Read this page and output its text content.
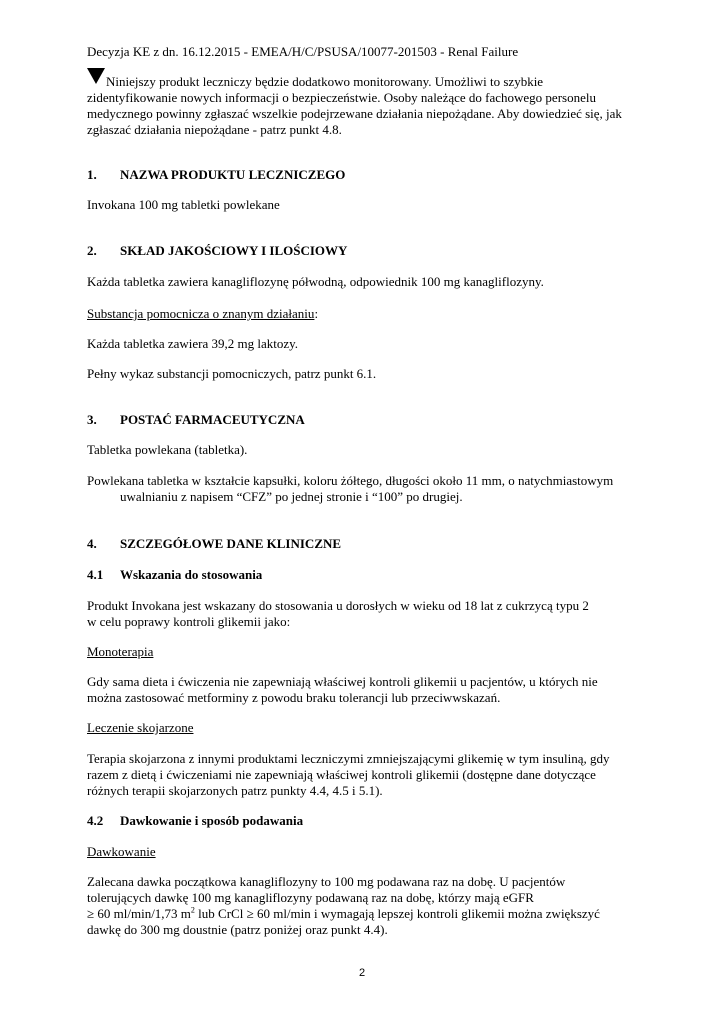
Decyzja KE z dn. 16.12.2015 - EMEA/H/C/PSUSA/10077-201503 - Renal Failure
Niniejszy produkt leczniczy będzie dodatkowo monitorowany. Umożliwi to szybkie
zidentyfikowanie nowych informacji o bezpieczeństwie. Osoby należące do fachowego personelu
medycznego powinny zgłaszać wszelkie podejrzewane działania niepożądane. Aby dowiedzieć się, jak
zgłaszać działania niepożądane - patrz punkt 4.8.
1. NAZWA PRODUKTU LECZNICZEGO
Invokana 100 mg tabletki powlekane
2. SKŁAD JAKOŚCIOWY I ILOŚCIOWY
Każda tabletka zawiera kanagliflozynę półwodną, odpowiednik 100 mg kanagliflozyny.
Substancja pomocnicza o znanym działaniu:
Każda tabletka zawiera 39,2 mg laktozy.
Pełny wykaz substancji pomocniczych, patrz punkt 6.1.
3. POSTAĆ FARMACEUTYCZNA
Tabletka powlekana (tabletka).
Powlekana tabletka w kształcie kapsułki, koloru żółtego, długości około 11 mm, o natychmiastowym
uwalnianiu z napisem “CFZ” po jednej stronie i “100” po drugiej.
4. SZCZEGÓŁOWE DANE KLINICZNE
4.1 Wskazania do stosowania
Produkt Invokana jest wskazany do stosowania u dorosłych w wieku od 18 lat z cukrzycą typu 2
w celu poprawy kontroli glikemii jako:
Monoterapia
Gdy sama dieta i ćwiczenia nie zapewniają właściwej kontroli glikemii u pacjentów, u których nie
można zastosować metforminy z powodu braku tolerancji lub przeciwwskazań.
Leczenie skojarzone
Terapia skojarzona z innymi produktami leczniczymi zmniejszającymi glikemię w tym insuliną, gdy
razem z dietą i ćwiczeniami nie zapewniają właściwej kontroli glikemii (dostępne dane dotyczące
różnych terapii skojarzonych patrz punkty 4.4, 4.5 i 5.1).
4.2 Dawkowanie i sposób podawania
Dawkowanie
Zalecana dawka początkowa kanagliflozyny to 100 mg podawana raz na dobę. U pacjentów
tolerujących dawkę 100 mg kanagliflozyny podawaną raz na dobę, którzy mają eGFR
≥ 60 ml/min/1,73 $m^2$ lub CrCl ≥ 60 ml/min i wymagają lepszej kontroli glikemii można zwiększyć
dawkę do 300 mg doustnie (patrz poniżej oraz punkt 4.4).
2
